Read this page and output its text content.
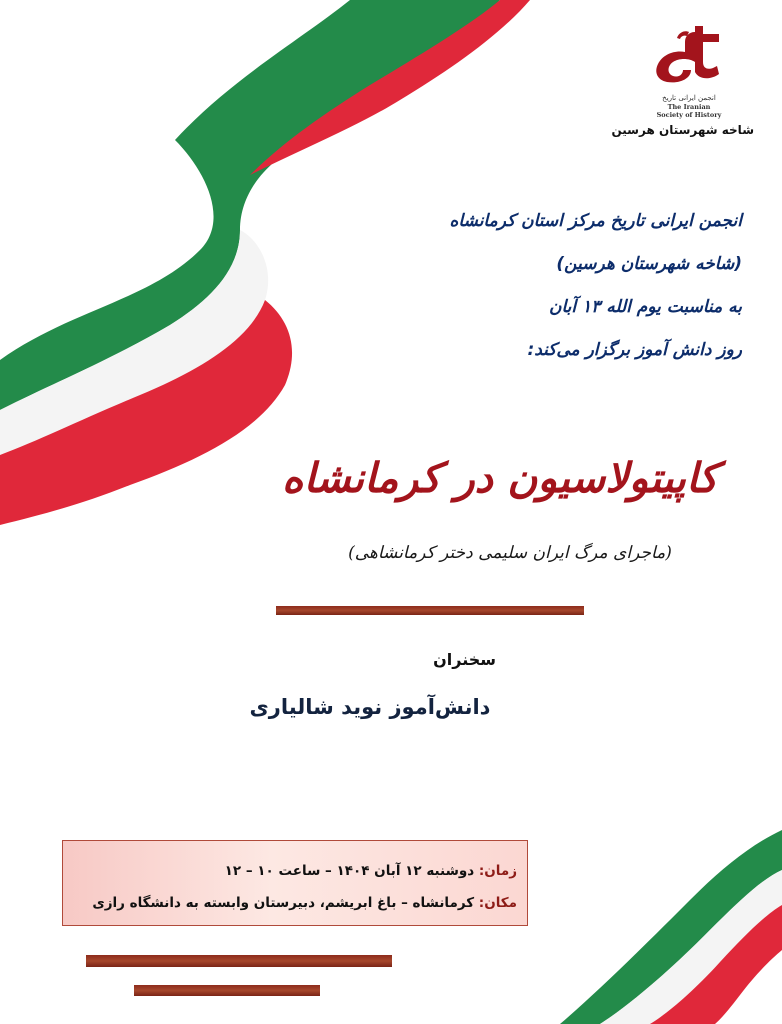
انجمن ایرانی تاریخ
The Iranian
Society of History
شاخه شهرستان هرسین
انجمن ایرانی تاریخ مرکز استان کرمانشاه
(شاخه شهرستان هرسین)
به مناسبت یوم الله ۱۳ آبان
روز دانش آموز برگزار می‌کند:
کاپیتولاسیون در کرمانشاه
(ماجرای مرگ ایران سلیمی دختر کرمانشاهی)
سخنران
دانش‌آموز نوید شالیاری
زمان: دوشنبه ۱۲ آبان ۱۴۰۴ – ساعت ۱۰ – ۱۲
مکان: کرمانشاه – باغ ابریشم، دبیرستان وابسته به دانشگاه رازی
